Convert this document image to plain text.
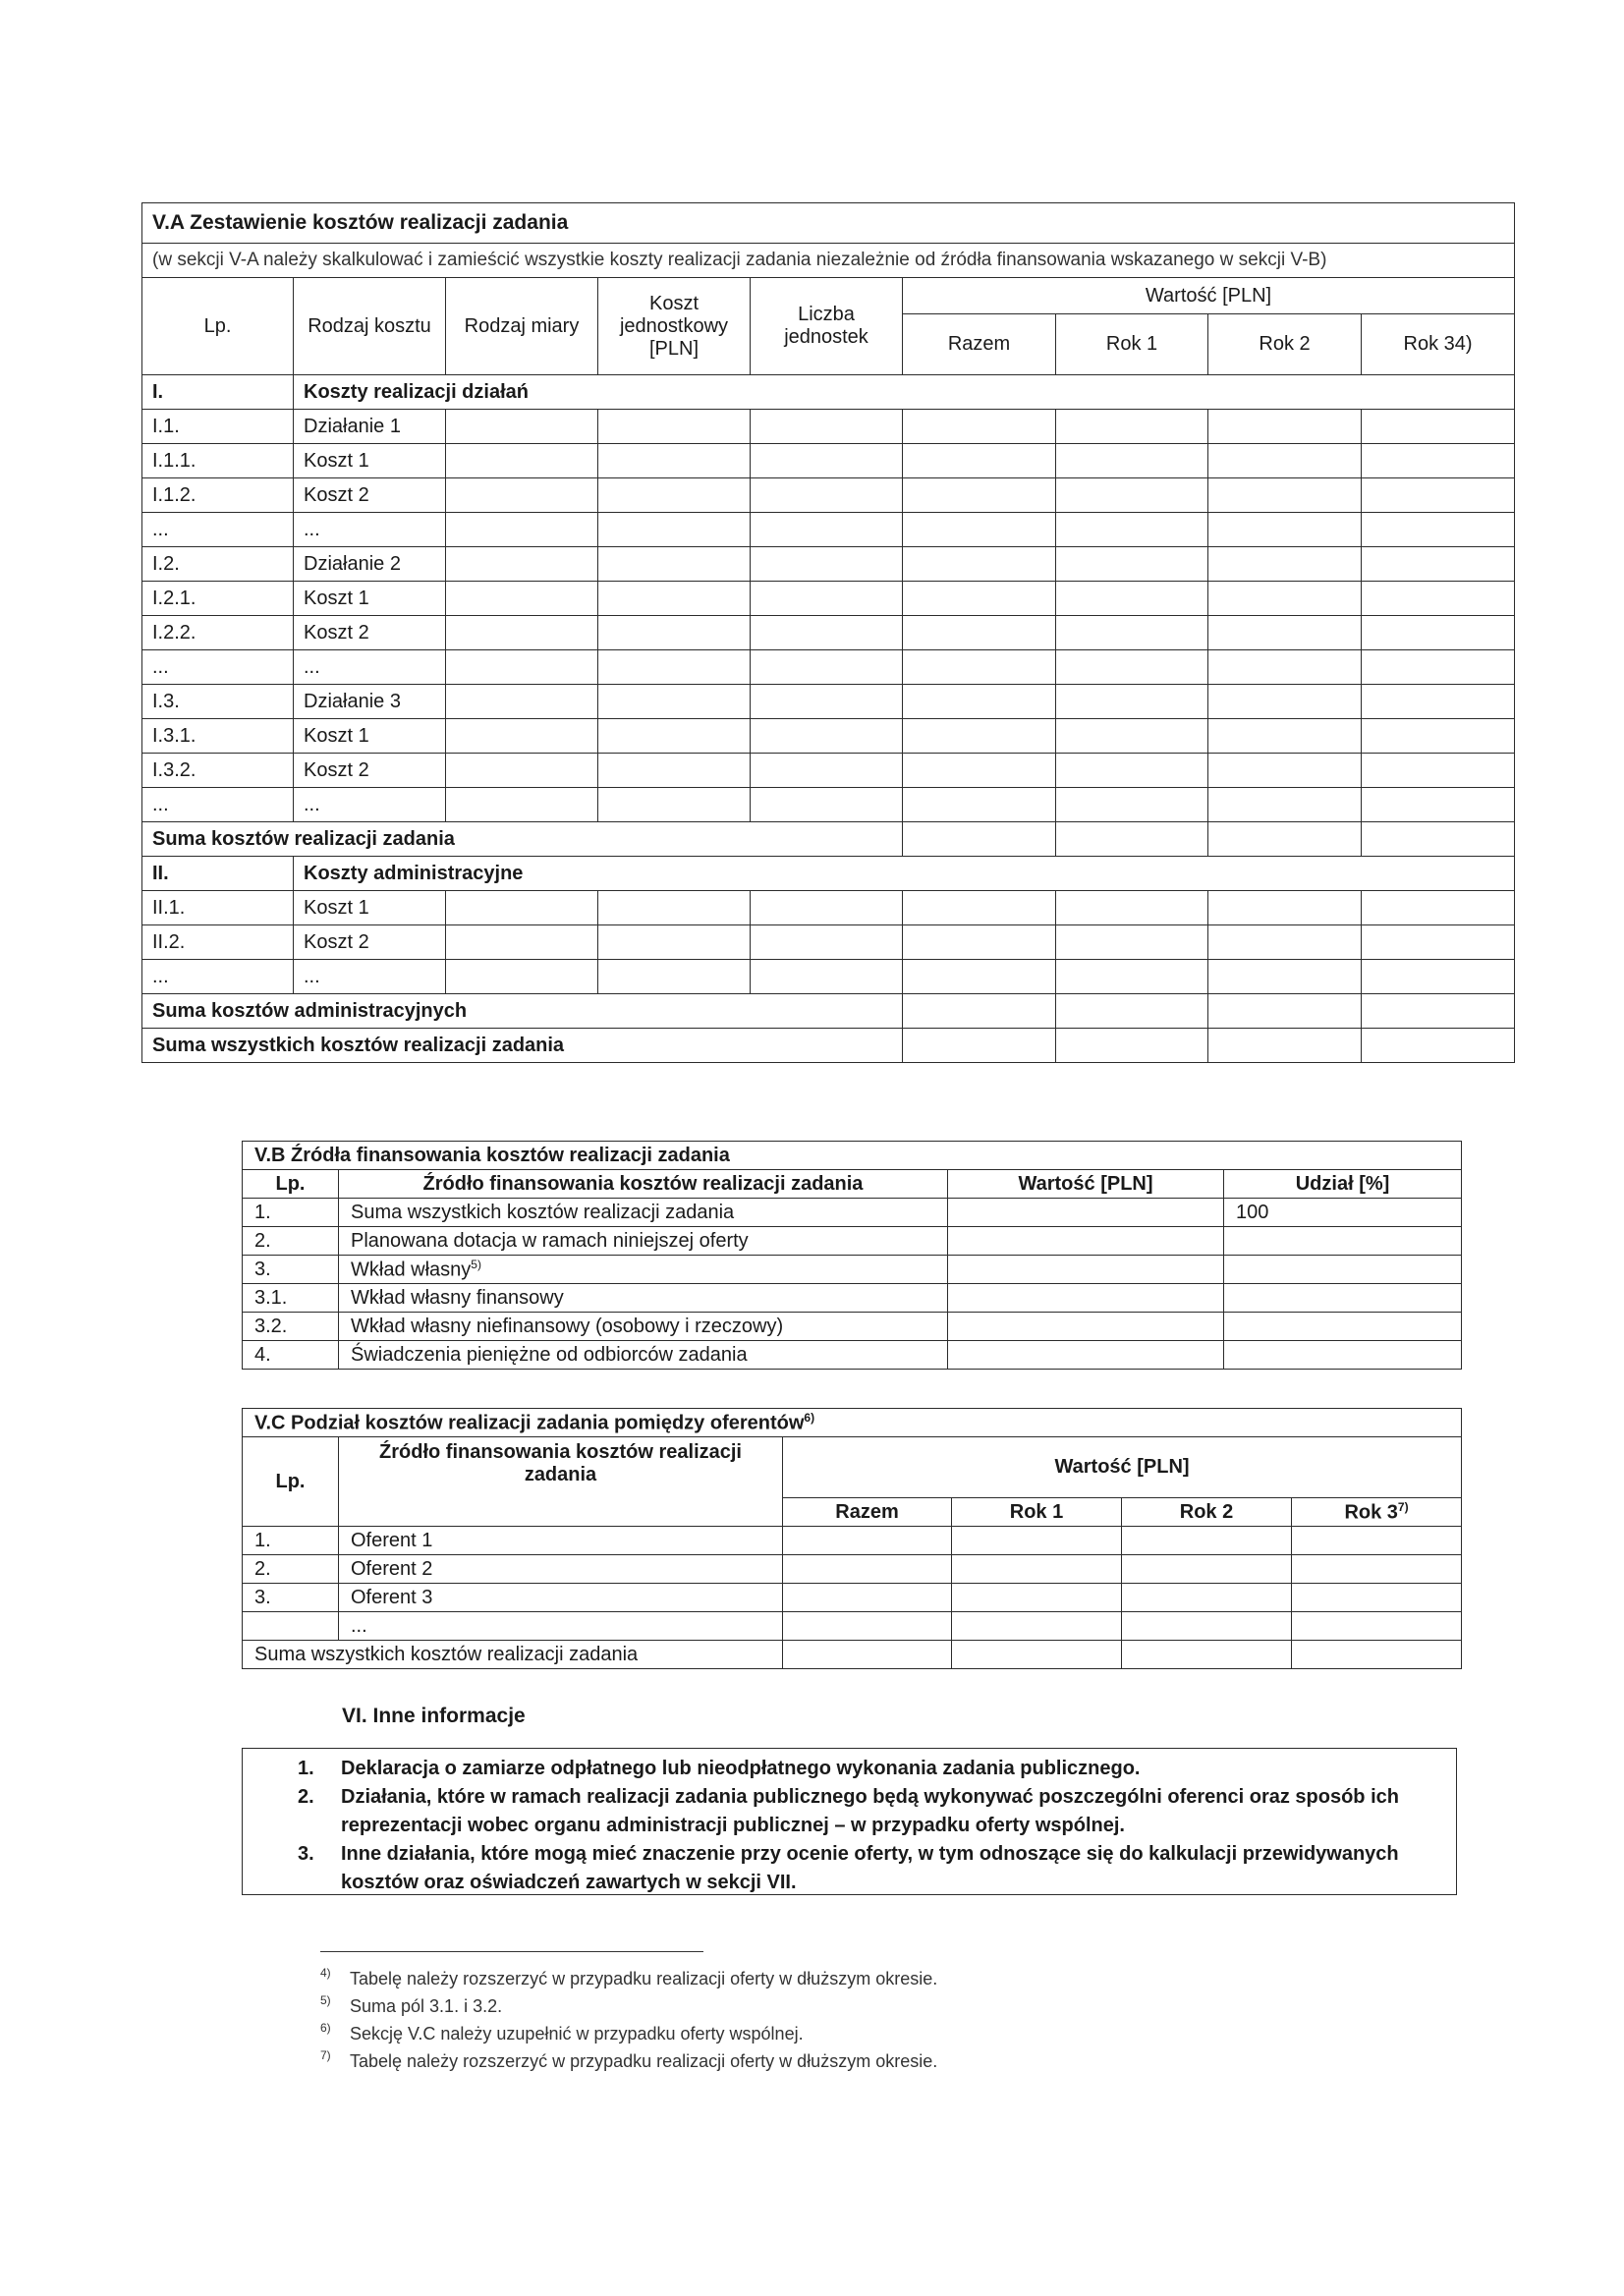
V.A Zestawienie kosztów realizacji zadania								
(w sekcji V-A należy skalkulować i zamieścić wszystkie koszty realizacji zadania niezależnie od źródła finansowania wskazanego w sekcji V-B)								
Lp.	Rodzaj kosztu	Rodzaj miary	Koszt jednostkowy [PLN]	Liczba jednostek	Wartość [PLN]			
					Razem	Rok 1	Rok 2	Rok 34)
I.	Koszty realizacji działań							
I.1.	Działanie 1							
I.1.1.	Koszt 1							
I.1.2.	Koszt 2							
...	...							
I.2.	Działanie 2							
I.2.1.	Koszt 1							
I.2.2.	Koszt 2							
...	...							
I.3.	Działanie 3							
I.3.1.	Koszt 1							
I.3.2.	Koszt 2							
...	...							
Suma kosztów realizacji zadania								
II.	Koszty administracyjne							
II.1.	Koszt 1							
II.2.	Koszt 2							
...	...							
Suma kosztów administracyjnych								
Suma wszystkich kosztów realizacji zadania								
V.B Źródła finansowania kosztów realizacji zadania			
Lp.	Źródło finansowania kosztów realizacji zadania	Wartość [PLN]	Udział [%]
1.	Suma wszystkich kosztów realizacji zadania		100
2.	Planowana dotacja w ramach niniejszej oferty		
3.	Wkład własny$^{5)}$		
3.1.	Wkład własny finansowy		
3.2.	Wkład własny niefinansowy (osobowy i rzeczowy)		
4.	Świadczenia pieniężne od odbiorców zadania		
V.C Podział kosztów realizacji zadania pomiędzy oferentów$^{6)}$
Lp.	Źródło finansowania kosztów realizacji zadania	Wartość [PLN]			
		Razem	Rok 1	Rok 2	Rok 3$^{7)}$
1.	Oferent 1				
2.	Oferent 2				
3.	Oferent 3				
	...				
Suma wszystkich kosztów realizacji zadania					
VI. Inne informacje
1. Deklaracja o zamiarze odpłatnego lub nieodpłatnego wykonania zadania publicznego.
2. Działania, które w ramach realizacji zadania publicznego będą wykonywać poszczególni oferenci oraz sposób ich reprezentacji wobec organu administracji publicznej – w przypadku oferty wspólnej.
3. Inne działania, które mogą mieć znaczenie przy ocenie oferty, w tym odnoszące się do kalkulacji przewidywanych kosztów oraz oświadczeń zawartych w sekcji VII.
4) Tabelę należy rozszerzyć w przypadku realizacji oferty w dłuższym okresie.
5) Suma pól 3.1. i 3.2.
6) Sekcję V.C należy uzupełnić w przypadku oferty wspólnej.
7) Tabelę należy rozszerzyć w przypadku realizacji oferty w dłuższym okresie.
